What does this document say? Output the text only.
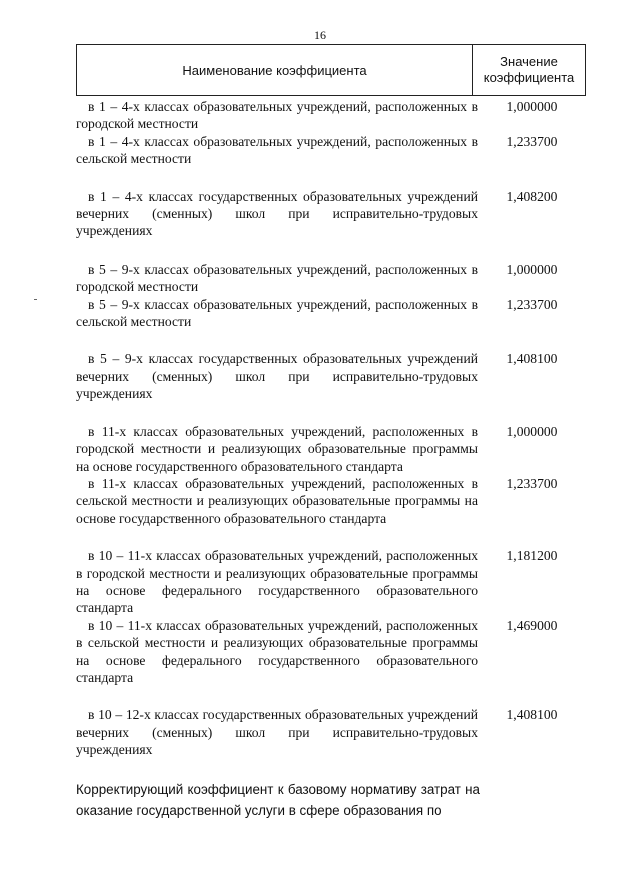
16
Наименование коэффициента
Значение
коэффициента
в 1 – 4-х классах образовательных учреждений, расположенных в городской местности
1,000000
в 1 – 4-х классах образовательных учреждений, расположенных в сельской местности
1,233700
в 1 – 4-х классах государственных образовательных учреждений вечерних (сменных) школ при исправительно-трудовых учреждениях
1,408200
в 5 – 9-х классах образовательных учреждений, расположенных в городской местности
1,000000
в 5 – 9-х классах образовательных учреждений, расположенных в сельской местности
1,233700
в 5 – 9-х классах государственных образовательных учреждений вечерних (сменных) школ при исправительно-трудовых учреждениях
1,408100
в 11-х классах образовательных учреждений, расположенных в городской местности и реализующих образовательные программы на основе государственного образовательного стандарта
1,000000
в 11-х классах образовательных учреждений, расположенных в сельской местности и реализующих образовательные программы на основе государственного образовательного стандарта
1,233700
в 10 – 11-х классах образовательных учреждений, расположенных в городской местности и реализующих образовательные программы на основе федерального государственного образовательного стандарта
1,181200
в 10 – 11-х классах образовательных учреждений, расположенных в сельской местности и реализующих образовательные программы на основе федерального государственного образовательного стандарта
1,469000
в 10 – 12-х классах государственных образовательных учреждений вечерних (сменных) школ при исправительно-трудовых учреждениях
1,408100
Корректирующий коэффициент к базовому нормативу затрат на оказание государственной услуги в сфере образования по
